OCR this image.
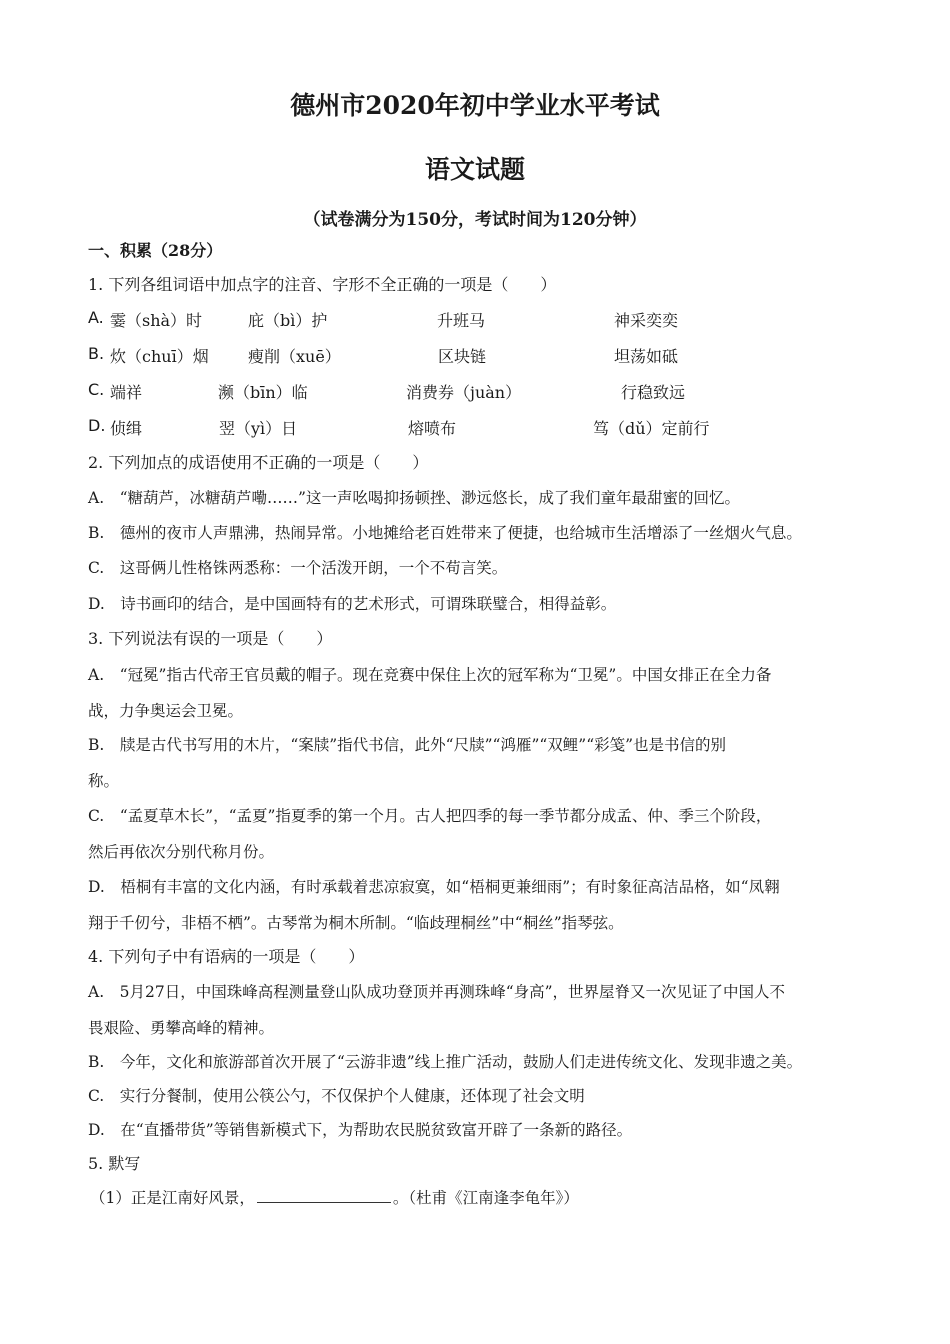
德州市2020年初中学业水平考试
语文试题
（试卷满分为150分，考试时间为120分钟）
一、积累（28分）
1. 下列各组词语中加点字的注音、字形不全正确的一项是（　　）
A. 霎（shà）时	庇（bì）护	升班马	神采奕奕
B. 炊（chuī）烟 瘦削（xuē）	区块链	坦荡如砥
C. 端祥	濒（bīn）临	消费券（juàn）	行稳致远
D. 侦缉	翌（yì）日	熔喷布	笃（dǔ）定前行
2. 下列加点的成语使用不正确的一项是（　　）
A.　“糖葫芦，冰糖葫芦嘞……”这一声吆喝抑扬顿挫、渺远悠长，成了我们童年最甜蜜的回忆。
B.　德州的夜市人声鼎沸，热闹异常。小地摊给老百姓带来了便捷，也给城市生活增添了一丝烟火气息。
C.　这哥俩儿性格铢两悉称：一个活泼开朗，一个不苟言笑。
D.　诗书画印的结合，是中国画特有的艺术形式，可谓珠联璧合，相得益彰。
3. 下列说法有误的一项是（　　）
A.　“冠冕”指古代帝王官员戴的帽子。现在竞赛中保住上次的冠军称为“卫冕”。中国女排正在全力备
战，力争奥运会卫冕。
B.　牍是古代书写用的木片，“案牍”指代书信，此外“尺牍”“鸿雁”“双鲤”“彩笺”也是书信的别
称。
C.　“孟夏草木长”，“孟夏”指夏季的第一个月。古人把四季的每一季节都分成孟、仲、季三个阶段，
然后再依次分别代称月份。
D.　梧桐有丰富的文化内涵，有时承载着悲凉寂寞，如“梧桐更兼细雨”；有时象征高洁品格，如“凤翱
翔于千仞兮，非梧不栖”。古琴常为桐木所制。“临歧理桐丝”中“桐丝”指琴弦。
4. 下列句子中有语病的一项是（　　）
A.　5月27日，中国珠峰高程测量登山队成功登顶并再测珠峰“身高”，世界屋脊又一次见证了中国人不
畏艰险、勇攀高峰的精神。
B.　今年，文化和旅游部首次开展了“云游非遗”线上推广活动，鼓励人们走进传统文化、发现非遗之美。
C.　实行分餐制，使用公筷公勺，不仅保护个人健康，还体现了社会文明
D.　在“直播带货”等销售新模式下，为帮助农民脱贫致富开辟了一条新的路径。
5. 默写
（1）正是江南好风景，	。（杜甫《江南逢李龟年》）
